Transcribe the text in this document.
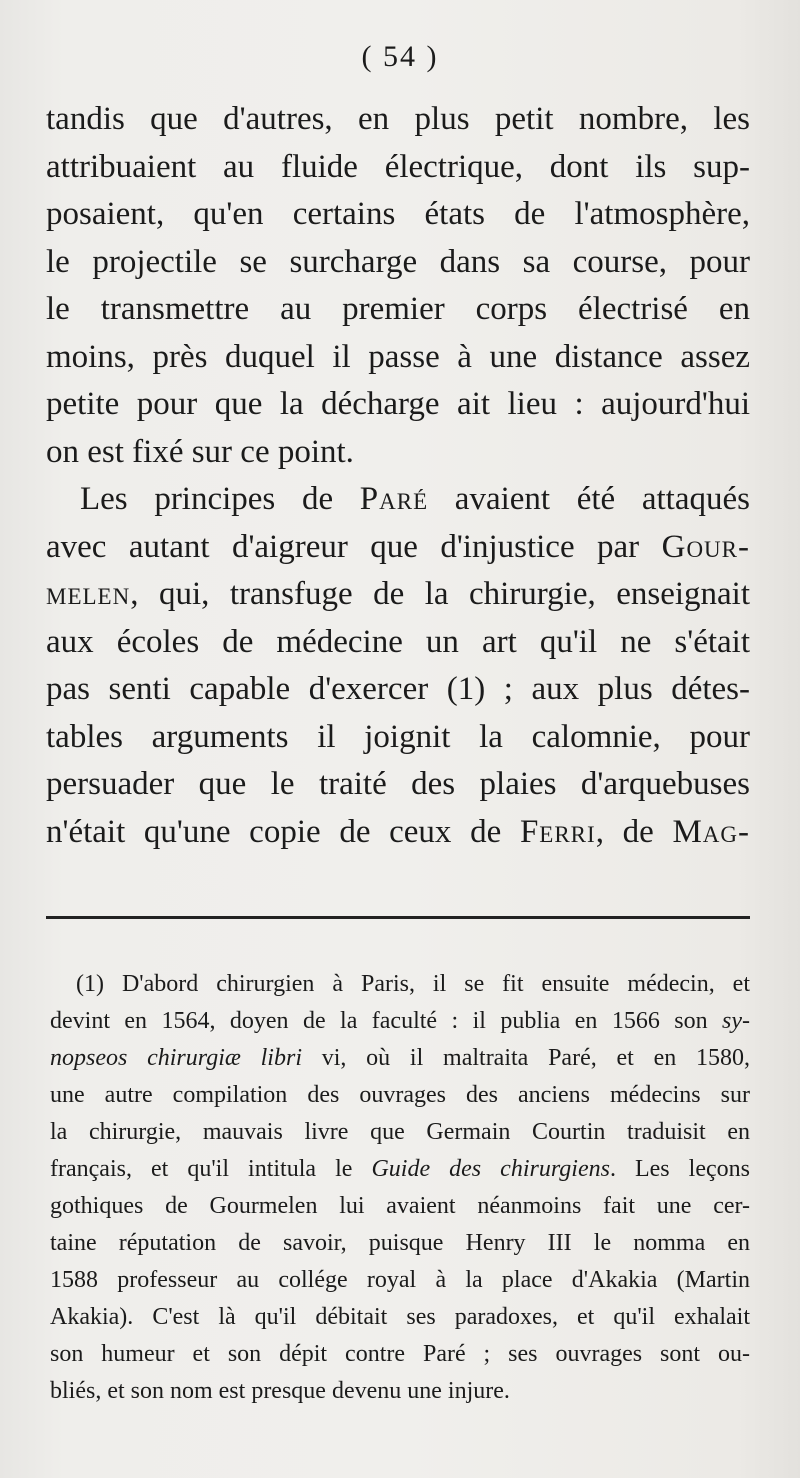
( 54 )
tandis que d'autres, en plus petit nombre, les
attribuaient au fluide électrique, dont ils sup-
posaient, qu'en certains états de l'atmosphère,
le projectile se surcharge dans sa course, pour
le transmettre au premier corps électrisé en
moins, près duquel il passe à une distance assez
petite pour que la décharge ait lieu : aujourd'hui
on est fixé sur ce point.
Les principes de Paré avaient été attaqués
avec autant d'aigreur que d'injustice par Gour-
melen, qui, transfuge de la chirurgie, enseignait
aux écoles de médecine un art qu'il ne s'était
pas senti capable d'exercer (1) ; aux plus détes-
tables arguments il joignit la calomnie, pour
persuader que le traité des plaies d'arquebuses
n'était qu'une copie de ceux de Ferri, de Mag-
(1) D'abord chirurgien à Paris, il se fit ensuite médecin, et
devint en 1564, doyen de la faculté : il publia en 1566 son sy-
nopseos chirurgiæ libri vi, où il maltraita Paré, et en 1580,
une autre compilation des ouvrages des anciens médecins sur
la chirurgie, mauvais livre que Germain Courtin traduisit en
français, et qu'il intitula le Guide des chirurgiens. Les leçons
gothiques de Gourmelen lui avaient néanmoins fait une cer-
taine réputation de savoir, puisque Henry III le nomma en
1588 professeur au collége royal à la place d'Akakia (Martin
Akakia). C'est là qu'il débitait ses paradoxes, et qu'il exhalait
son humeur et son dépit contre Paré ; ses ouvrages sont ou-
bliés, et son nom est presque devenu une injure.
